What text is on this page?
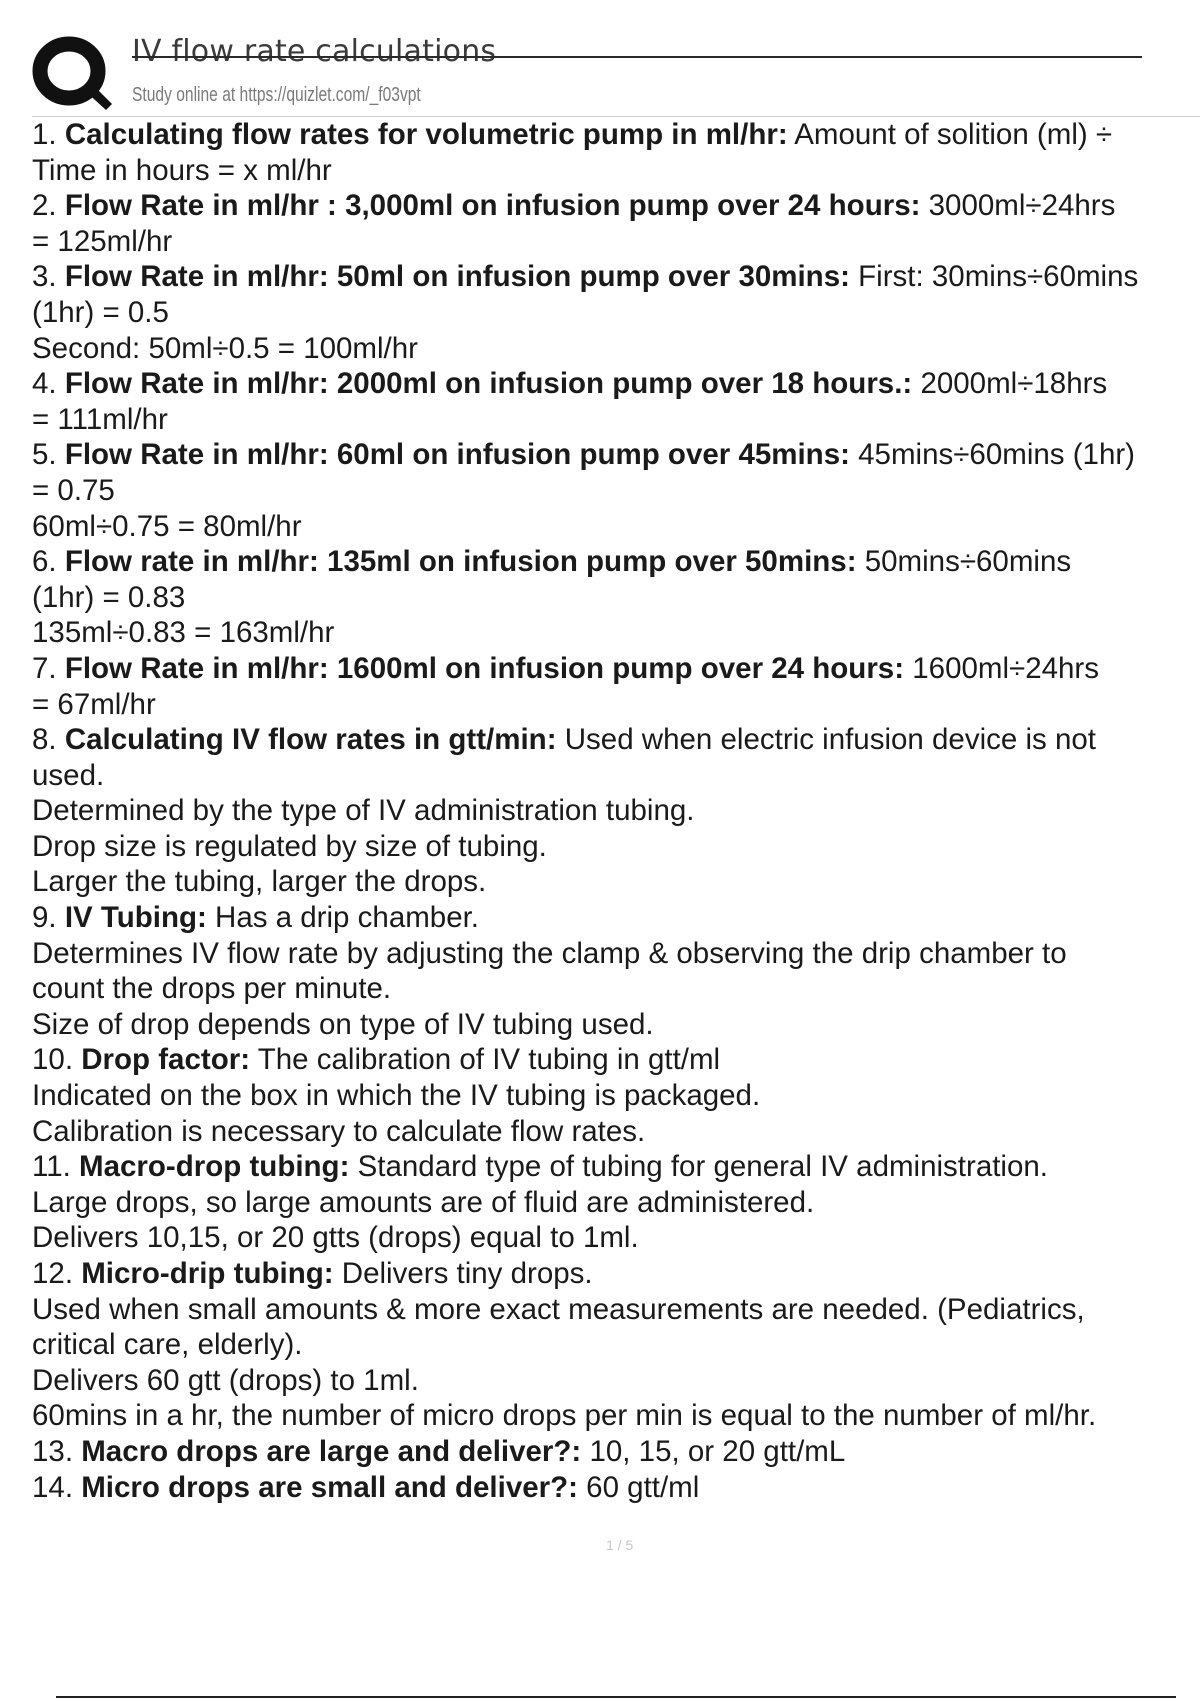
IV flow rate calculations
Study online at https://quizlet.com/_f03vpt
1. Calculating flow rates for volumetric pump in ml/hr: Amount of solition (ml) ÷
Time in hours = x ml/hr
2. Flow Rate in ml/hr : 3,000ml on infusion pump over 24 hours: 3000ml÷24hrs
= 125ml/hr
3. Flow Rate in ml/hr: 50ml on infusion pump over 30mins: First: 30mins÷60mins
(1hr) = 0.5
Second: 50ml÷0.5 = 100ml/hr
4. Flow Rate in ml/hr: 2000ml on infusion pump over 18 hours.: 2000ml÷18hrs
= 111ml/hr
5. Flow Rate in ml/hr: 60ml on infusion pump over 45mins: 45mins÷60mins (1hr)
= 0.75
60ml÷0.75 = 80ml/hr
6. Flow rate in ml/hr: 135ml on infusion pump over 50mins: 50mins÷60mins
(1hr) = 0.83
135ml÷0.83 = 163ml/hr
7. Flow Rate in ml/hr: 1600ml on infusion pump over 24 hours: 1600ml÷24hrs
= 67ml/hr
8. Calculating IV flow rates in gtt/min: Used when electric infusion device is not
used.
Determined by the type of IV administration tubing.
Drop size is regulated by size of tubing.
Larger the tubing, larger the drops.
9. IV Tubing: Has a drip chamber.
Determines IV flow rate by adjusting the clamp & observing the drip chamber to
count the drops per minute.
Size of drop depends on type of IV tubing used.
10. Drop factor: The calibration of IV tubing in gtt/ml
Indicated on the box in which the IV tubing is packaged.
Calibration is necessary to calculate flow rates.
11. Macro-drop tubing: Standard type of tubing for general IV administration.
Large drops, so large amounts are of fluid are administered.
Delivers 10,15, or 20 gtts (drops) equal to 1ml.
12. Micro-drip tubing: Delivers tiny drops.
Used when small amounts & more exact measurements are needed. (Pediatrics,
critical care, elderly).
Delivers 60 gtt (drops) to 1ml.
60mins in a hr, the number of micro drops per min is equal to the number of ml/hr.
13. Macro drops are large and deliver?: 10, 15, or 20 gtt/mL
14. Micro drops are small and deliver?: 60 gtt/ml
1 / 5
